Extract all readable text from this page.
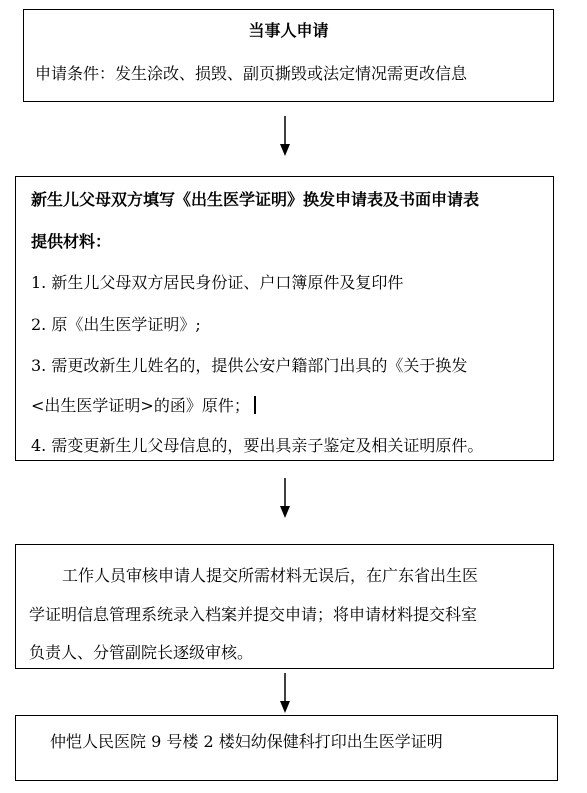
当事人申请
申请条件：发生涂改、损毁、副页撕毁或法定情况需更改信息
新生儿父母双方填写《出生医学证明》换发申请表及书面申请表
提供材料：
1. 新生儿父母双方居民身份证、户口簿原件及复印件
2. 原《出生医学证明》;
3. 需更改新生儿姓名的，提供公安户籍部门出具的《关于换发
<出生医学证明>的函》原件；
4. 需变更新生儿父母信息的，要出具亲子鉴定及相关证明原件。
工作人员审核申请人提交所需材料无误后，在广东省出生医
学证明信息管理系统录入档案并提交申请；将申请材料提交科室
负责人、分管副院长逐级审核。
仲恺人民医院 9 号楼 2 楼妇幼保健科打印出生医学证明
